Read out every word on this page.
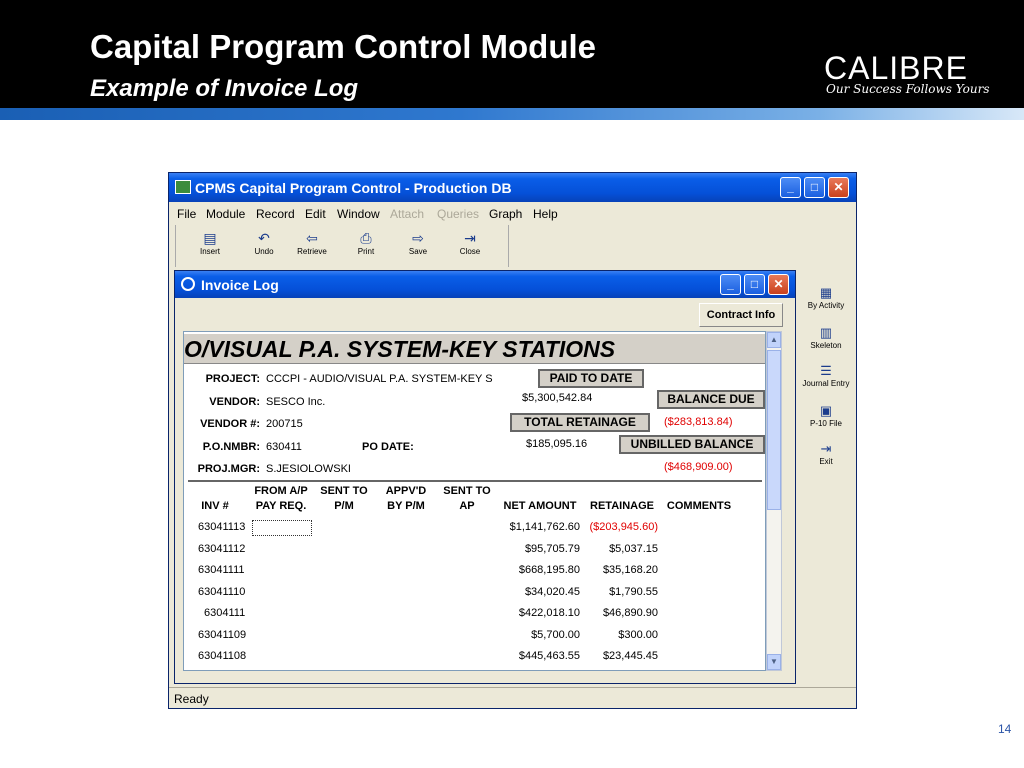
Capital Program Control Module
Example of Invoice Log
CALIBRE
Our Success Follows Yours
CPMS Capital Program Control - Production DB	_	□	✕
File Module Record Edit Window Attach Queries Graph Help
▤
Insert
↶
Undo
⇦
Retrieve
⎙
Print
⇨
Save
⇥
Close
▦
By Activity
▥
Skeleton
☰
Journal Entry
▣
P-10 File
⇥
Exit
Invoice Log	_	□	✕
Contract Info
O/VISUAL P.A. SYSTEM-KEY STATIONS
PROJECT: CCCPI - AUDIO/VISUAL P.A. SYSTEM-KEY S
VENDOR: SESCO Inc.
VENDOR #: 200715
P.O.NMBR: 630411	PO DATE:
PROJ.MGR: S.JESIOLOWSKI
PAID TO DATE
$5,300,542.84	BALANCE DUE
($283,813.84)
TOTAL RETAINAGE
$185,095.16	UNBILLED BALANCE
($468,909.00)
INV #
FROM A/P
PAY REQ.
SENT TO
P/M
APPV'D
BY P/M
SENT TO
AP	NET AMOUNT	RETAINAGE	COMMENTS
63041113	$1,141,762.60 ($203,945.60)
63041112	$95,705.79	$5,037.15
63041111	$668,195.80	$35,168.20
63041110	$34,020.45	$1,790.55
6304111	$422,018.10	$46,890.90
63041109	$5,700.00	$300.00
63041108	$445,463.55	$23,445.45
▲
▼
Ready
14
